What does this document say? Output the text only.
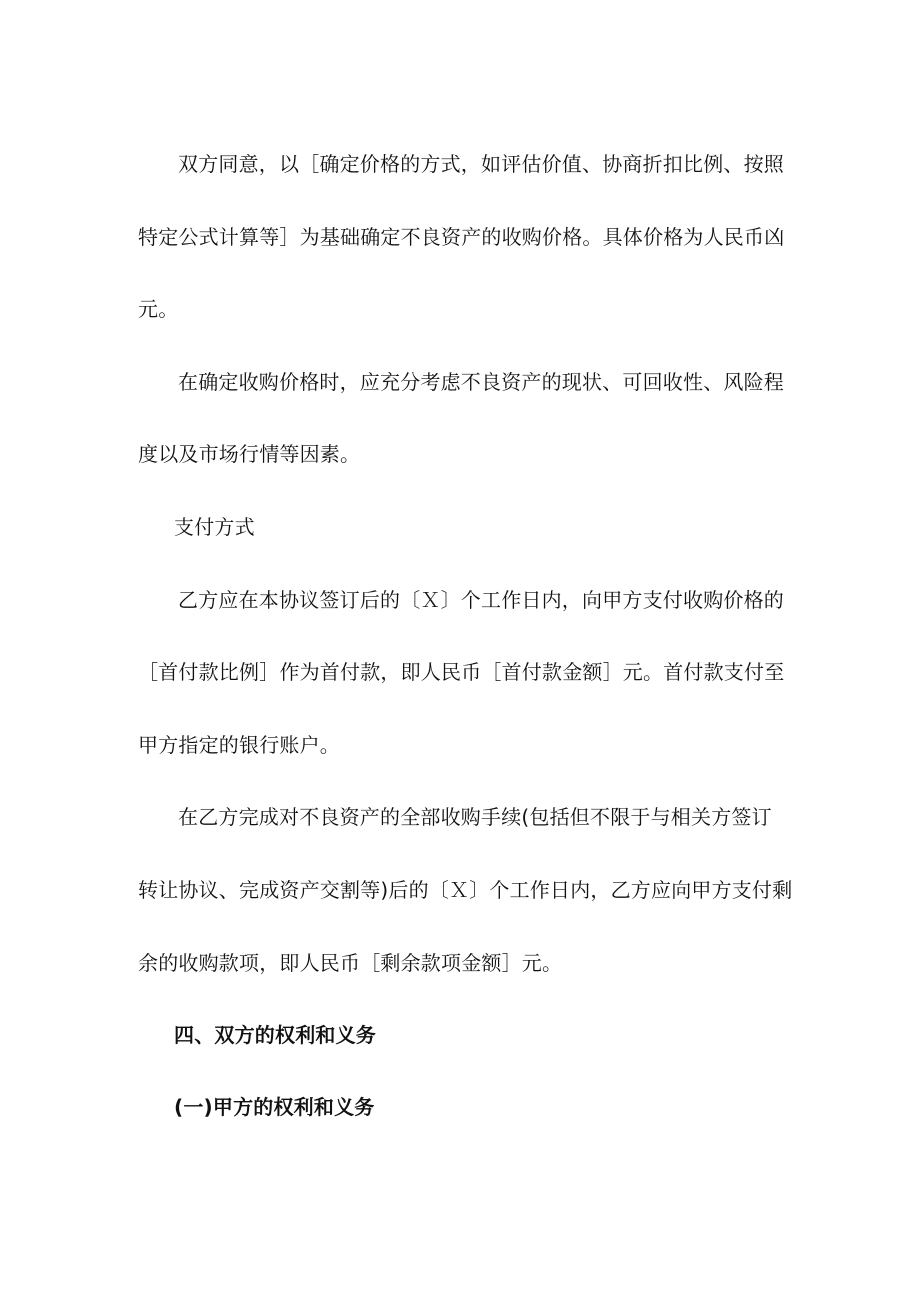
双方同意，以［确定价格的方式，如评估价值、协商折扣比例、按照
特定公式计算等］为基础确定不良资产的收购价格。具体价格为人民币凶
元。
在确定收购价格时，应充分考虑不良资产的现状、可回收性、风险程
度以及市场行情等因素。
支付方式
乙方应在本协议签订后的〔Ｘ〕个工作日内，向甲方支付收购价格的
［首付款比例］作为首付款，即人民币［首付款金额］元。首付款支付至
甲方指定的银行账户。
在乙方完成对不良资产的全部收购手续(包括但不限于与相关方签订
转让协议、完成资产交割等)后的〔Ｘ〕个工作日内，乙方应向甲方支付剩
余的收购款项，即人民币［剩余款项金额］元。
四、双方的权利和义务
(一)甲方的权利和义务
